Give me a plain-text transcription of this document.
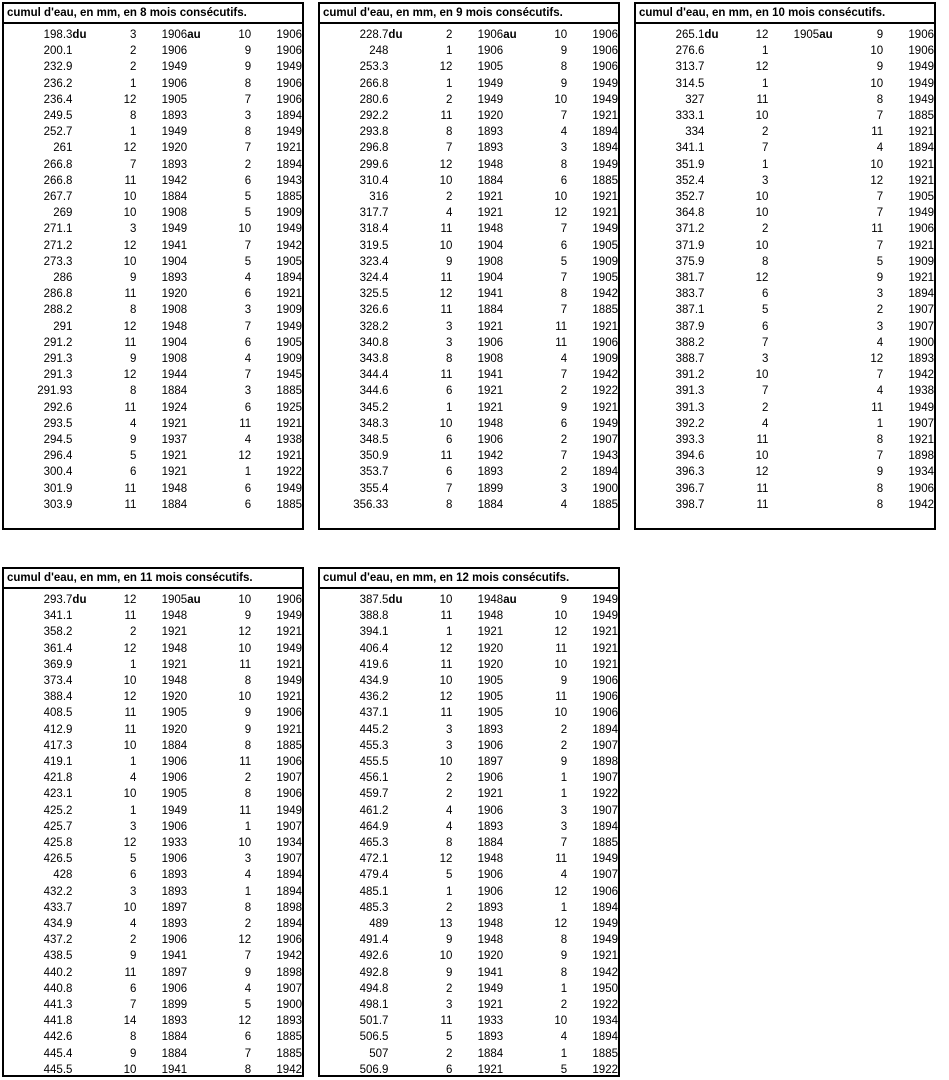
cumul d'eau, en mm, en 8 mois consécutifs.
198.3	du	3	1906	au	10	1906
200.1		2	1906		9	1906
232.9		2	1949		9	1949
236.2		1	1906		8	1906
236.4		12	1905		7	1906
249.5		8	1893		3	1894
252.7		1	1949		8	1949
261		12	1920		7	1921
266.8		7	1893		2	1894
266.8		11	1942		6	1943
267.7		10	1884		5	1885
269		10	1908		5	1909
271.1		3	1949		10	1949
271.2		12	1941		7	1942
273.3		10	1904		5	1905
286		9	1893		4	1894
286.8		11	1920		6	1921
288.2		8	1908		3	1909
291		12	1948		7	1949
291.2		11	1904		6	1905
291.3		9	1908		4	1909
291.3		12	1944		7	1945
291.93		8	1884		3	1885
292.6		11	1924		6	1925
293.5		4	1921		11	1921
294.5		9	1937		4	1938
296.4		5	1921		12	1921
300.4		6	1921		1	1922
301.9		11	1948		6	1949
303.9		11	1884		6	1885
cumul d'eau, en mm, en 9 mois consécutifs.
228.7	du	2	1906	au	10	1906
248		1	1906		9	1906
253.3		12	1905		8	1906
266.8		1	1949		9	1949
280.6		2	1949		10	1949
292.2		11	1920		7	1921
293.8		8	1893		4	1894
296.8		7	1893		3	1894
299.6		12	1948		8	1949
310.4		10	1884		6	1885
316		2	1921		10	1921
317.7		4	1921		12	1921
318.4		11	1948		7	1949
319.5		10	1904		6	1905
323.4		9	1908		5	1909
324.4		11	1904		7	1905
325.5		12	1941		8	1942
326.6		11	1884		7	1885
328.2		3	1921		11	1921
340.8		3	1906		11	1906
343.8		8	1908		4	1909
344.4		11	1941		7	1942
344.6		6	1921		2	1922
345.2		1	1921		9	1921
348.3		10	1948		6	1949
348.5		6	1906		2	1907
350.9		11	1942		7	1943
353.7		6	1893		2	1894
355.4		7	1899		3	1900
356.33		8	1884		4	1885
cumul d'eau, en mm, en 10 mois consécutifs.
265.1	du	12	1905	au	9	1906
276.6		1			10	1906
313.7		12			9	1949
314.5		1			10	1949
327		11			8	1949
333.1		10			7	1885
334		2			11	1921
341.1		7			4	1894
351.9		1			10	1921
352.4		3			12	1921
352.7		10			7	1905
364.8		10			7	1949
371.2		2			11	1906
371.9		10			7	1921
375.9		8			5	1909
381.7		12			9	1921
383.7		6			3	1894
387.1		5			2	1907
387.9		6			3	1907
388.2		7			4	1900
388.7		3			12	1893
391.2		10			7	1942
391.3		7			4	1938
391.3		2			11	1949
392.2		4			1	1907
393.3		11			8	1921
394.6		10			7	1898
396.3		12			9	1934
396.7		11			8	1906
398.7		11			8	1942
cumul d'eau, en mm, en 11 mois consécutifs.
293.7	du	12	1905	au	10	1906
341.1		11	1948		9	1949
358.2		2	1921		12	1921
361.4		12	1948		10	1949
369.9		1	1921		11	1921
373.4		10	1948		8	1949
388.4		12	1920		10	1921
408.5		11	1905		9	1906
412.9		11	1920		9	1921
417.3		10	1884		8	1885
419.1		1	1906		11	1906
421.8		4	1906		2	1907
423.1		10	1905		8	1906
425.2		1	1949		11	1949
425.7		3	1906		1	1907
425.8		12	1933		10	1934
426.5		5	1906		3	1907
428		6	1893		4	1894
432.2		3	1893		1	1894
433.7		10	1897		8	1898
434.9		4	1893		2	1894
437.2		2	1906		12	1906
438.5		9	1941		7	1942
440.2		11	1897		9	1898
440.8		6	1906		4	1907
441.3		7	1899		5	1900
441.8		14	1893		12	1893
442.6		8	1884		6	1885
445.4		9	1884		7	1885
445.5		10	1941		8	1942
cumul d'eau, en mm, en 12 mois consécutifs.
387.5	du	10	1948	au	9	1949
388.8		11	1948		10	1949
394.1		1	1921		12	1921
406.4		12	1920		11	1921
419.6		11	1920		10	1921
434.9		10	1905		9	1906
436.2		12	1905		11	1906
437.1		11	1905		10	1906
445.2		3	1893		2	1894
455.3		3	1906		2	1907
455.5		10	1897		9	1898
456.1		2	1906		1	1907
459.7		2	1921		1	1922
461.2		4	1906		3	1907
464.9		4	1893		3	1894
465.3		8	1884		7	1885
472.1		12	1948		11	1949
479.4		5	1906		4	1907
485.1		1	1906		12	1906
485.3		2	1893		1	1894
489		13	1948		12	1949
491.4		9	1948		8	1949
492.6		10	1920		9	1921
492.8		9	1941		8	1942
494.8		2	1949		1	1950
498.1		3	1921		2	1922
501.7		11	1933		10	1934
506.5		5	1893		4	1894
507		2	1884		1	1885
506.9		6	1921		5	1922
